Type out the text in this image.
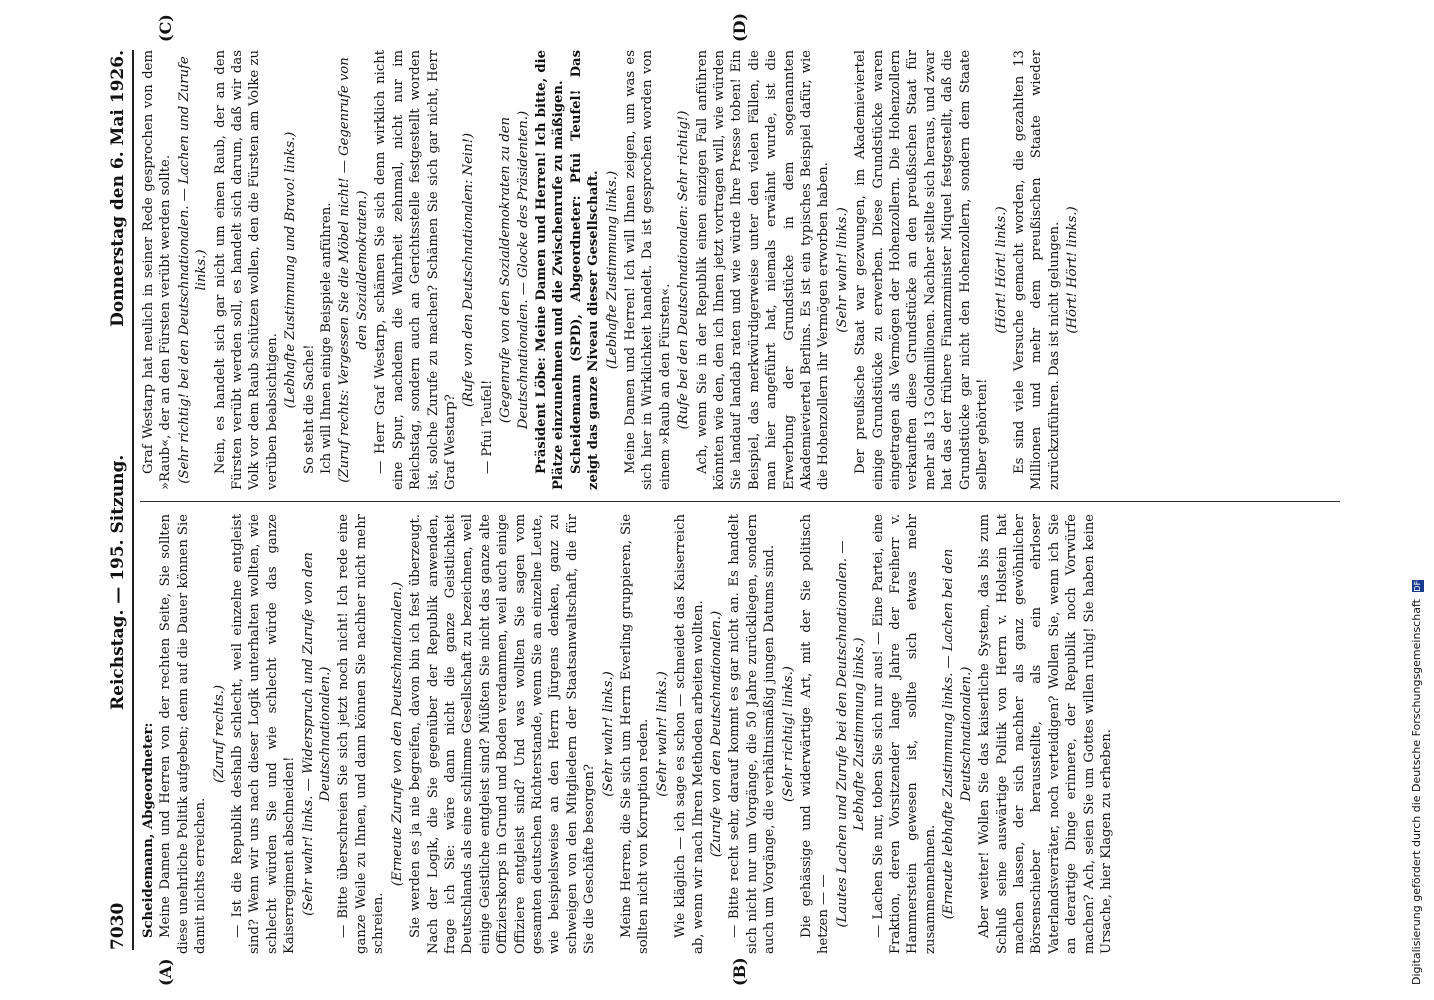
7030
Reichstag. — 195. Sitzung.
Donnerstag den 6. Mai 1926.
(A)	(B)
(C)	(D)

Scheidemann, Abgeordneter: Meine Damen und Herren von der rechten Seite, Sie sollten diese unehrliche Politik aufgeben; denn auf die Dauer können Sie damit nichts erreichen.

(Zuruf rechts.) — Ist die Republik deshalb schlecht, weil einzelne entgleist sind? Wenn wir uns nach dieser Logik unterhalten wollten, wie schlecht würden Sie und wie schlecht würde das ganze Kaiserregiment abschneiden! (Sehr wahr! links. — Widerspruch und Zurufe von den Deutschnationalen.) — Bitte überschreien Sie sich jetzt noch nicht! Ich rede eine ganze Weile zu Ihnen, und dann können Sie nachher nicht mehr schreien.

(Erneute Zurufe von den Deutschnationalen.) Sie werden es ja nie begreifen, davon bin ich fest überzeugt. Nach der Logik, die Sie gegenüber der Republik anwenden, frage ich Sie: wäre dann nicht die ganze Geistlichkeit Deutschlands als eine schlimme Gesellschaft zu bezeichnen, weil einige Geistliche entgleist sind? Müßten Sie nicht das ganze alte Offizierskorps in Grund und Boden verdammen, weil auch einige Offiziere entgleist sind? Und was wollten Sie sagen vom gesamten deutschen Richterstande, wenn Sie an einzelne Leute, wie beispielsweise an den Herrn Jürgens denken, ganz zu schweigen von den Mitgliedern der Staatsanwaltschaft, die für Sie die Geschäfte besorgen?

(Sehr wahr! links.) Meine Herren, die Sie sich um Herrn Everling gruppieren, Sie sollten nicht von Korruption reden. (Sehr wahr! links.) Wie kläglich — ich sage es schon — schneidet das Kaiserreich ab, wenn wir nach Ihren Methoden arbeiten wollten. (Zurufe von den Deutschnationalen.) — Bitte recht sehr, darauf kommt es gar nicht an. Es handelt sich nicht nur um Vorgänge, die 50 Jahre zurückliegen, sondern auch um Vorgänge, die verhältnismäßig jungen Datums sind. (Sehr richtig! links.) Die gehässige und widerwärtige Art, mit der Sie politisch hetzen — — (Lautes Lachen und Zurufe bei den Deutschnationalen. — Lebhafte Zustimmung links.) — Lachen Sie nur, toben Sie sich nur aus! — Eine Partei, eine Fraktion, deren Vorsitzender lange Jahre der Freiherr v. Hammerstein gewesen ist, sollte sich etwas mehr zusammennehmen. (Erneute lebhafte Zustimmung links. — Lachen bei den Deutschnationalen.) Aber weiter! Wollen Sie das kaiserliche System, das bis zum Schluß seine auswärtige Politik von Herrn v. Holstein hat machen lassen, der sich nachher als ganz gewöhnlicher Börsenschieber herausstellte, als ein ehrloser Vaterlandsverräter, noch verteidigen? Wollen Sie, wenn ich Sie an derartige Dinge erinnere, der Republik noch Vorwürfe machen? Ach, seien Sie um Gottes willen ruhig! Sie haben keine Ursache, hier Klagen zu erheben.

Graf Westarp hat neulich in seiner Rede gesprochen von dem »Raub«, der an den Fürsten verübt werden sollte. (Sehr richtig! bei den Deutschnationalen. — Lachen und Zurufe links.) Nein, es handelt sich gar nicht um einen Raub, der an den Fürsten verübt werden soll, es handelt sich darum, daß wir das Volk vor dem Raub schützen wollen, den die Fürsten am Volke zu verüben beabsichtigen.

(Lebhafte Zustimmung und Bravo! links.)

So steht die Sache! Ich will Ihnen einige Beispiele anführen. (Zuruf rechts: Vergessen Sie die Möbel nicht! — Gegenrufe von den Sozialdemokraten.) — Herr Graf Westarp, schämen Sie sich denn wirklich nicht eine Spur, nachdem die Wahrheit zehnmal, nicht nur im Reichstag, sondern auch an Gerichtsstelle festgestellt worden ist, solche Zurufe zu machen? Schämen Sie sich gar nicht, Herr Graf Westarp?

(Rufe von den Deutschnationalen: Nein!)

— Pfui Teufel!

(Gegenrufe von den Sozialdemokraten zu den Deutschnationalen. — Glocke des Präsidenten.) Präsident Löbe: Meine Damen und Herren! Ich bitte, die Plätze einzunehmen und die Zwischenrufe zu mäßigen. Scheidemann (SPD), Abgeordneter: Pfui Teufel! Das zeigt das ganze Niveau dieser Gesellschaft. (Lebhafte Zustimmung links.) Meine Damen und Herren! Ich will Ihnen zeigen, um was es sich hier in Wirklichkeit handelt. Da ist gesprochen worden von einem »Raub an den Fürsten«. (Rufe bei den Deutschnationalen: Sehr richtig!) Ach, wenn Sie in der Republik einen einzigen Fall anführen könnten wie den, den ich Ihnen jetzt vortragen will, wie würden Sie landauf landab raten und wie würde Ihre Presse toben! Ein Beispiel, das merkwürdigerweise unter den vielen Fällen, die man hier angeführt hat, niemals erwähnt wurde, ist die Erwerbung der Grundstücke in dem sogenannten Akademieviertel Berlins. Es ist ein typisches Beispiel dafür, wie die Hohenzollern ihr Vermögen erworben haben. (Sehr wahr! links.) Der preußische Staat war gezwungen, im Akademieviertel einige Grundstücke zu erwerben. Diese Grundstücke waren eingetragen als Vermögen der Hohenzollern. Die Hohenzollern verkauften diese Grundstücke an den preußischen Staat für mehr als 13 Goldmillionen. Nachher stellte sich heraus, und zwar hat das der frühere Finanzminister Miquel festgestellt, daß die Grundstücke gar nicht den Hohenzollern, sondern dem Staate selber gehörten!

(Hört! Hört! links.) Es sind viele Versuche gemacht worden, die gezahlten 13 Millionen und mehr dem preußischen Staate wieder zurückzuführen. Das ist nicht gelungen. (Hört! Hört! links.)

Digitalisierung gefördert durch die Deutsche Forschungsgemeinschaft DFG
